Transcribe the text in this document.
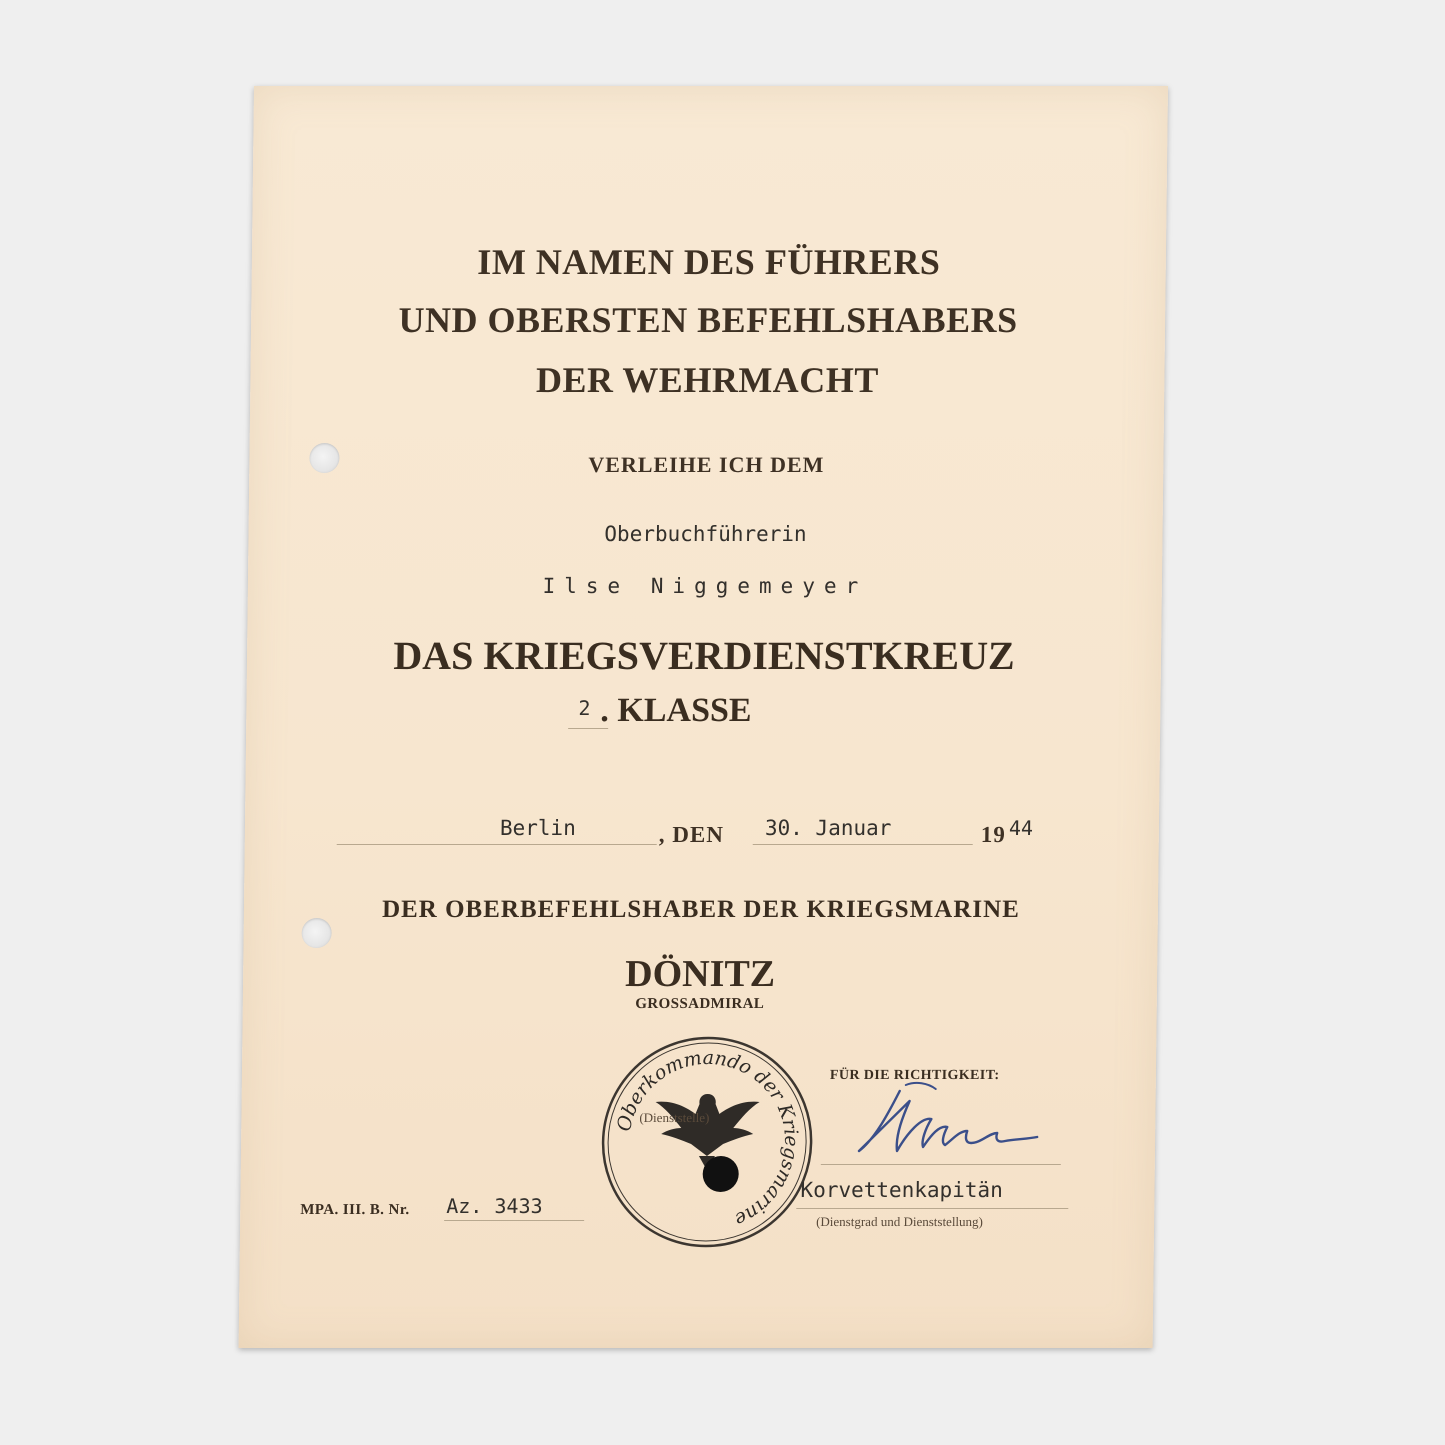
IM NAMEN DES FÜHRERS
UND OBERSTEN BEFEHLSHABERS
DER WEHRMACHT
VERLEIHE ICH DEM
Oberbuchführerin
Ilse Niggemeyer
DAS KRIEGSVERDIENSTKREUZ
2 . KLASSE
Berlin	, DEN 30. Januar	19 44
DER OBERBEFEHLSHABER DER KRIEGSMARINE
DÖNITZ
GROSSADMIRAL
Oberkommando der Kriegsmarine
(Dienststelle)
FÜR DIE RICHTIGKEIT:
Korvettenkapitän
(Dienstgrad und Dienststellung)
MPA. III. B. Nr. Az. 3433
